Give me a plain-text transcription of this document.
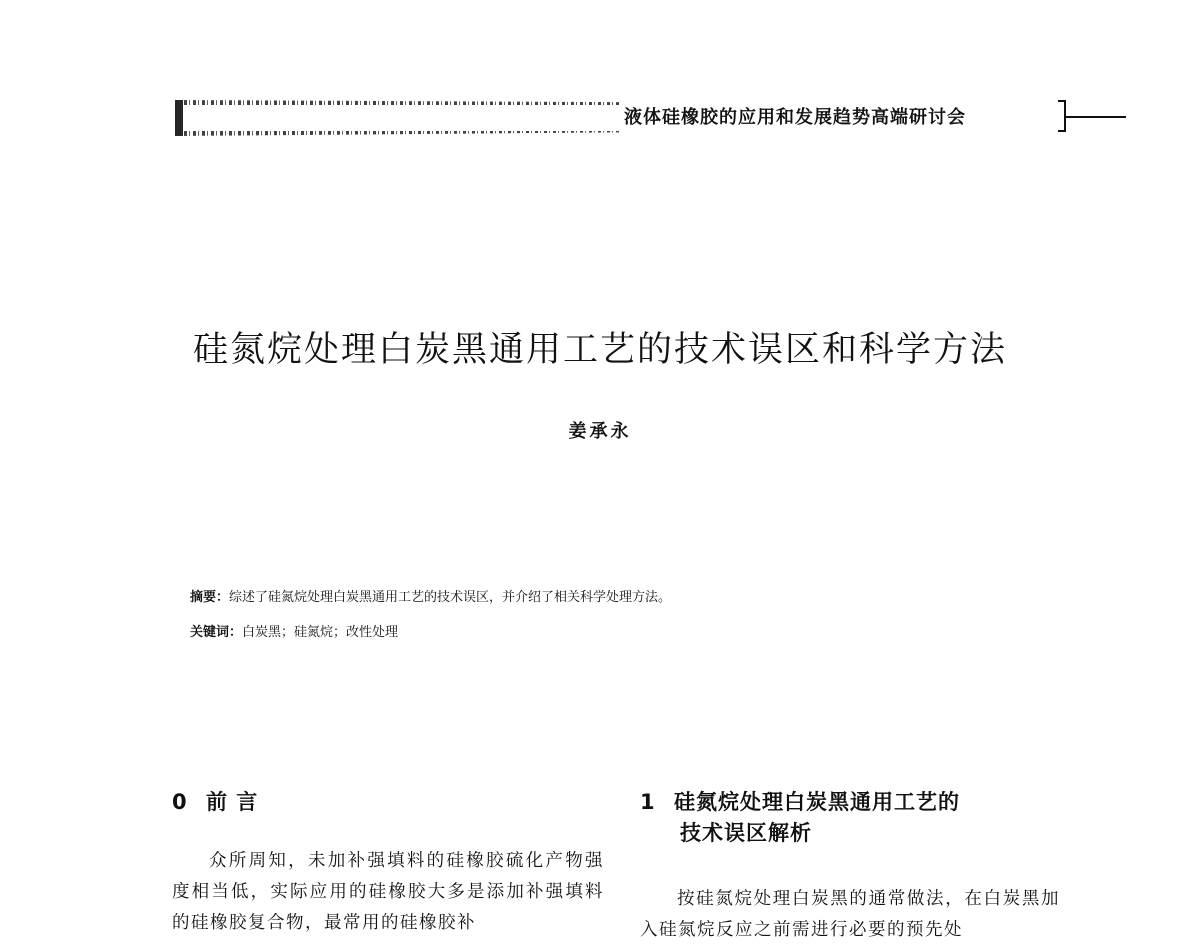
液体硅橡胶的应用和发展趋势高端研讨会
硅氮烷处理白炭黑通用工艺的技术误区和科学方法
姜承永
摘要：综述了硅氮烷处理白炭黑通用工艺的技术误区，并介绍了相关科学处理方法。
关键词：白炭黑；硅氮烷；改性处理
0 前 言

众所周知，未加补强填料的硅橡胶硫化产物强度相当低，实际应用的硅橡胶大多是添加补强填料的硅橡胶复合物，最常用的硅橡胶补

1 硅氮烷处理白炭黑通用工艺的
技术误区解析

按硅氮烷处理白炭黑的通常做法，在白炭黑加入硅氮烷反应之前需进行必要的预先处
